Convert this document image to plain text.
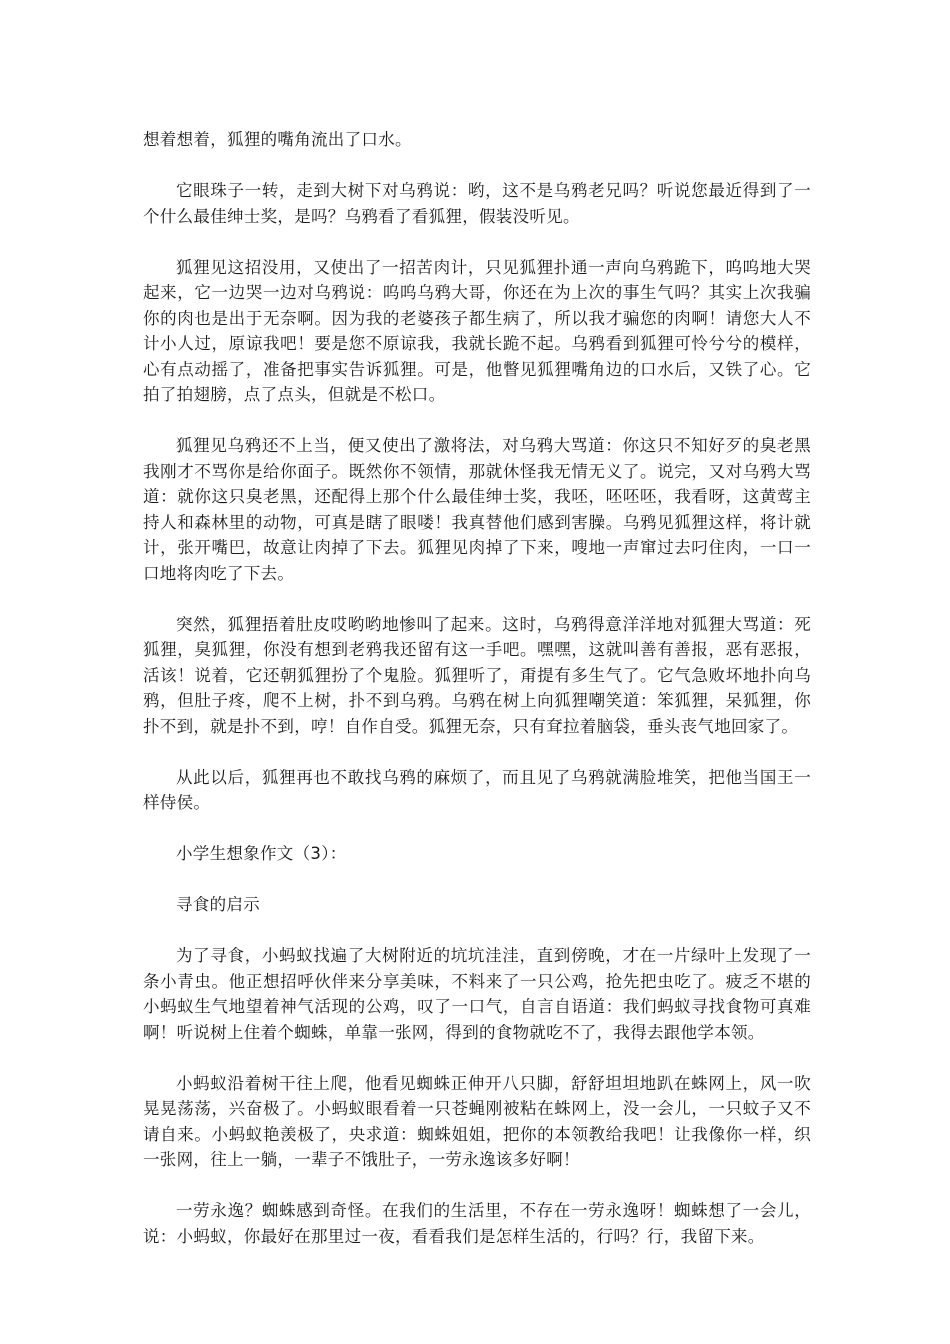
想着想着，狐狸的嘴角流出了口水。

它眼珠子一转，走到大树下对乌鸦说：哟，这不是乌鸦老兄吗？听说您最近得到了一个什么最佳绅士奖，是吗？乌鸦看了看狐狸，假装没听见。

狐狸见这招没用，又使出了一招苦肉计，只见狐狸扑通一声向乌鸦跪下，呜呜地大哭起来，它一边哭一边对乌鸦说：呜呜乌鸦大哥，你还在为上次的事生气吗？其实上次我骗你的肉也是出于无奈啊。因为我的老婆孩子都生病了，所以我才骗您的肉啊！请您大人不计小人过，原谅我吧！要是您不原谅我，我就长跪不起。乌鸦看到狐狸可怜兮兮的模样，心有点动摇了，准备把事实告诉狐狸。可是，他瞥见狐狸嘴角边的口水后，又铁了心。它拍了拍翅膀，点了点头，但就是不松口。

狐狸见乌鸦还不上当，便又使出了激将法，对乌鸦大骂道：你这只不知好歹的臭老黑我刚才不骂你是给你面子。既然你不领情，那就休怪我无情无义了。说完，又对乌鸦大骂道：就你这只臭老黑，还配得上那个什么最佳绅士奖，我呸，呸呸呸，我看呀，这黄莺主持人和森林里的动物，可真是瞎了眼喽！我真替他们感到害臊。乌鸦见狐狸这样，将计就计，张开嘴巴，故意让肉掉了下去。狐狸见肉掉了下来，嗖地一声窜过去叼住肉，一口一口地将肉吃了下去。

突然，狐狸捂着肚皮哎哟哟地惨叫了起来。这时，乌鸦得意洋洋地对狐狸大骂道：死狐狸，臭狐狸，你没有想到老鸦我还留有这一手吧。嘿嘿，这就叫善有善报，恶有恶报，活该！说着，它还朝狐狸扮了个鬼脸。狐狸听了，甭提有多生气了。它气急败坏地扑向乌鸦，但肚子疼，爬不上树，扑不到乌鸦。乌鸦在树上向狐狸嘲笑道：笨狐狸，呆狐狸，你扑不到，就是扑不到，哼！自作自受。狐狸无奈，只有耷拉着脑袋，垂头丧气地回家了。

从此以后，狐狸再也不敢找乌鸦的麻烦了，而且见了乌鸦就满脸堆笑，把他当国王一样侍侯。

小学生想象作文（3）：

寻食的启示

为了寻食，小蚂蚁找遍了大树附近的坑坑洼洼，直到傍晚，才在一片绿叶上发现了一条小青虫。他正想招呼伙伴来分享美味，不料来了一只公鸡，抢先把虫吃了。疲乏不堪的小蚂蚁生气地望着神气活现的公鸡，叹了一口气，自言自语道：我们蚂蚁寻找食物可真难啊！听说树上住着个蜘蛛，单靠一张网，得到的食物就吃不了，我得去跟他学本领。

小蚂蚁沿着树干往上爬，他看见蜘蛛正伸开八只脚，舒舒坦坦地趴在蛛网上，风一吹晃晃荡荡，兴奋极了。小蚂蚁眼看着一只苍蝇刚被粘在蛛网上，没一会儿，一只蚊子又不请自来。小蚂蚁艳羡极了，央求道：蜘蛛姐姐，把你的本领教给我吧！让我像你一样，织一张网，往上一躺，一辈子不饿肚子，一劳永逸该多好啊！

一劳永逸？蜘蛛感到奇怪。在我们的生活里，不存在一劳永逸呀！蜘蛛想了一会儿，说：小蚂蚁，你最好在那里过一夜，看看我们是怎样生活的，行吗？行，我留下来。
